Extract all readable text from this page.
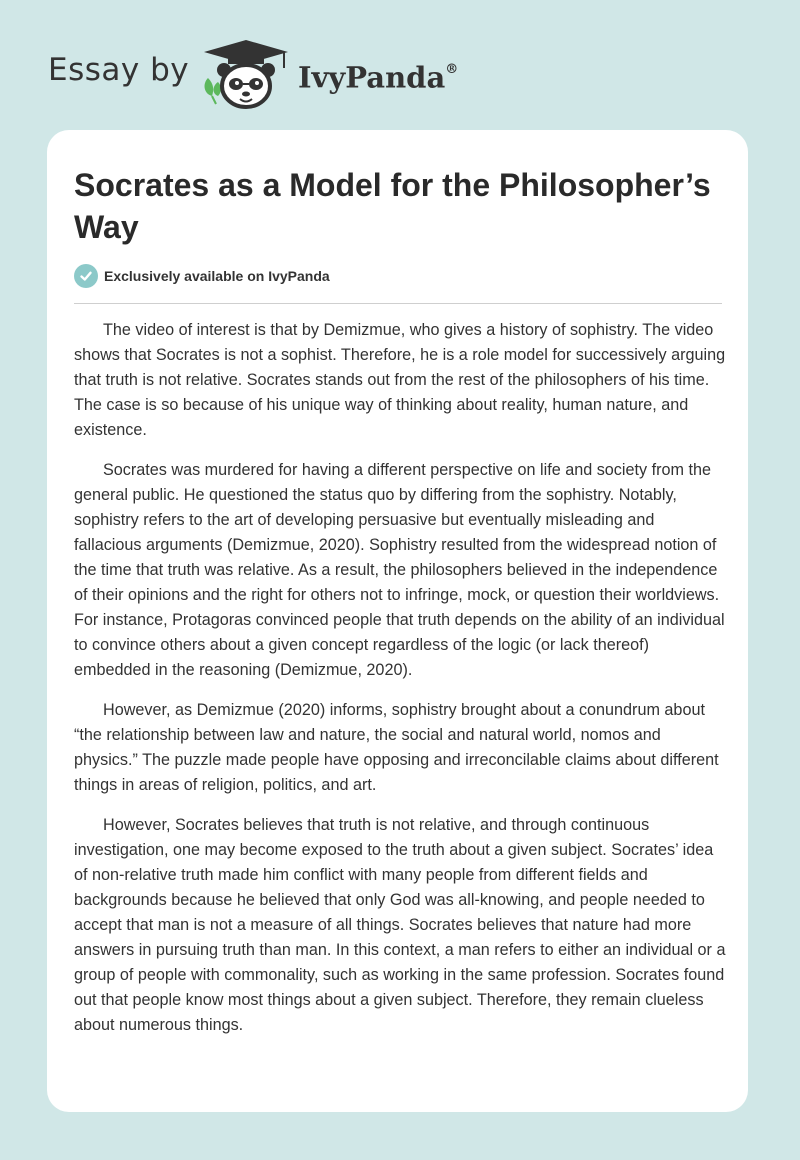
Essay by	IvyPanda®
Socrates as a Model for the Philosopher’s Way
Exclusively available on IvyPanda

The video of interest is that by Demizmue, who gives a history of sophistry. The video shows that Socrates is not a sophist. Therefore, he is a role model for successively arguing that truth is not relative. Socrates stands out from the rest of the philosophers of his time. The case is so because of his unique way of thinking about reality, human nature, and existence.

Socrates was murdered for having a different perspective on life and society from the general public. He questioned the status quo by differing from the sophistry. Notably, sophistry refers to the art of developing persuasive but eventually misleading and fallacious arguments (Demizmue, 2020). Sophistry resulted from the widespread notion of the time that truth was relative. As a result, the philosophers believed in the independence of their opinions and the right for others not to infringe, mock, or question their worldviews. For instance, Protagoras convinced people that truth depends on the ability of an individual to convince others about a given concept regardless of the logic (or lack thereof) embedded in the reasoning (Demizmue, 2020).

However, as Demizmue (2020) informs, sophistry brought about a conundrum about “the relationship between law and nature, the social and natural world, nomos and physics.” The puzzle made people have opposing and irreconcilable claims about different things in areas of religion, politics, and art.

However, Socrates believes that truth is not relative, and through continuous investigation, one may become exposed to the truth about a given subject. Socrates’ idea of non-relative truth made him conflict with many people from different fields and backgrounds because he believed that only God was all-knowing, and people needed to accept that man is not a measure of all things. Socrates believes that nature had more answers in pursuing truth than man. In this context, a man refers to either an individual or a group of people with commonality, such as working in the same profession. Socrates found out that people know most things about a given subject. Therefore, they remain clueless about numerous things.
